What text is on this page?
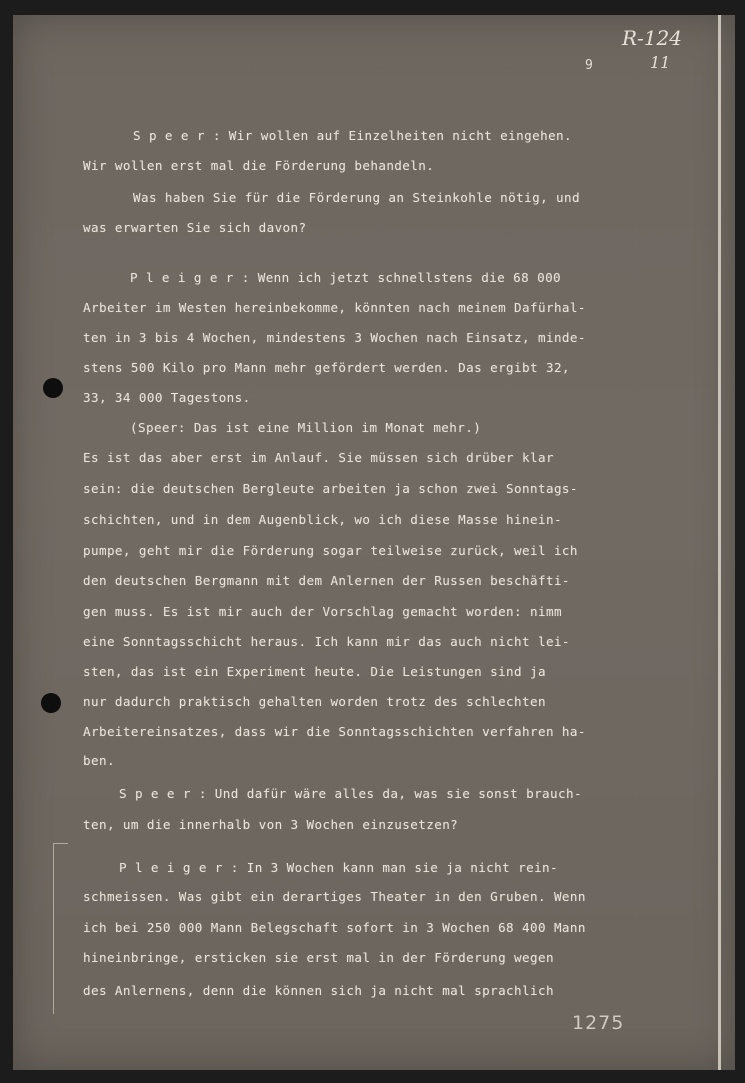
R-124
11
9
S p e e r : Wir wollen auf Einzelheiten nicht eingehen.
Wir wollen erst mal die Förderung behandeln.
Was haben Sie für die Förderung an Steinkohle nötig, und
was erwarten Sie sich davon?
P l e i g e r : Wenn ich jetzt schnellstens die 68 000
Arbeiter im Westen hereinbekomme, könnten nach meinem Dafürhal-
ten in 3 bis 4 Wochen, mindestens 3 Wochen nach Einsatz, minde-
stens 500 Kilo pro Mann mehr gefördert werden. Das ergibt 32,
33, 34 000 Tagestons.
(Speer: Das ist eine Million im Monat mehr.)
Es ist das aber erst im Anlauf. Sie müssen sich drüber klar
sein: die deutschen Bergleute arbeiten ja schon zwei Sonntags-
schichten, und in dem Augenblick, wo ich diese Masse hinein-
pumpe, geht mir die Förderung sogar teilweise zurück, weil ich
den deutschen Bergmann mit dem Anlernen der Russen beschäfti-
gen muss. Es ist mir auch der Vorschlag gemacht worden: nimm
eine Sonntagsschicht heraus. Ich kann mir das auch nicht lei-
sten, das ist ein Experiment heute. Die Leistungen sind ja
nur dadurch praktisch gehalten worden trotz des schlechten
Arbeitereinsatzes, dass wir die Sonntagsschichten verfahren ha-
ben.
S p e e r : Und dafür wäre alles da, was sie sonst brauch-
ten, um die innerhalb von 3 Wochen einzusetzen?
P l e i g e r : In 3 Wochen kann man sie ja nicht rein-
schmeissen. Was gibt ein derartiges Theater in den Gruben. Wenn
ich bei 250 000 Mann Belegschaft sofort in 3 Wochen 68 400 Mann
hineinbringe, ersticken sie erst mal in der Förderung wegen
des Anlernens, denn die können sich ja nicht mal sprachlich
1275
